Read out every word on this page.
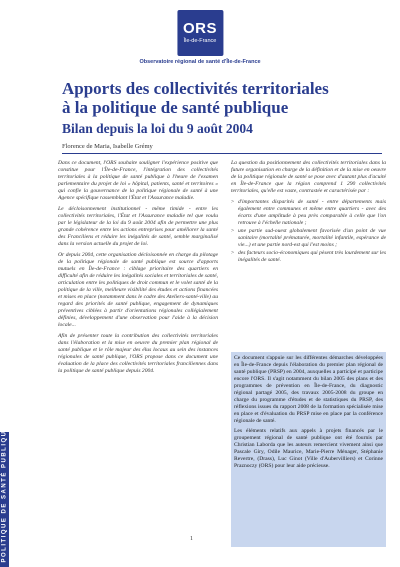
ORS
Île-de-France
Observatoire régional de santé d'Île-de-France
Apports des collectivités territoriales
à la politique de santé publique
Bilan depuis la loi du 9 août 2004
Florence de Maria, Isabelle Grémy

Dans ce document, l'ORS souhaite souligner l'expérience positive que constitue pour l'Île-de-France, l'intégration des collectivités territoriales à la politique de santé publique à l'heure de l'examen parlementaire du projet de loi « hôpital, patients, santé et territoires » qui confie la gouvernance de la politique régionale de santé à une Agence spécifique rassemblant l'État et l'Assurance maladie.

Le décloisonnement institutionnel - même timide - entre les collectivités territoriales, l'État et l'Assurance maladie tel que voulu par le législateur de la loi du 9 août 2004 afin de permettre une plus grande cohérence entre les actions entreprises pour améliorer la santé des Franciliens et réduire les inégalités de santé, semble marginalisé dans la version actuelle du projet de loi.

Or depuis 2004, cette organisation décloisonnée en charge du pilotage de la politique régionale de santé publique est source d'apports mutuels en Île-de-France : ciblage prioritaire des quartiers en difficulté afin de réduire les inégalités sociales et territoriales de santé, articulation entre les politiques de droit commun et le volet santé de la politique de la ville, meilleure visibilité des études et actions financées et mises en place (notamment dans le cadre des Ateliers-santé-ville) au regard des priorités de santé publique, engagement de dynamiques préventives ciblées à partir d'orientations régionales collégialement définies, développement d'une observation pour l'aide à la décision locale...

Afin de présenter toute la contribution des collectivités territoriales dans l'élaboration et la mise en oeuvre du premier plan régional de santé publique et le rôle majeur des élus locaux au sein des instances régionales de santé publique, l'ORS propose dans ce document une évaluation de la place des collectivités territoriales franciliennes dans la politique de santé publique depuis 2004.

La question du positionnement des collectivités territoriales dans la future organisation en charge de la définition et de la mise en oeuvre de la politique régionale de santé se pose avec d'autant plus d'acuité en Île-de-France que la région comprend 1 290 collectivités territoriales, qu'elle est vaste, contrastée et caractérisée par :

> d'importantes disparités de santé - entre départements mais également entre communes et même entre quartiers - avec des écarts d'une amplitude à peu près comparable à celle que l'on retrouve à l'échelle nationale ;
> une partie sud-ouest globalement favorisée d'un point de vue sanitaire (mortalité prématurée, mortalité infantile, espérance de vie...) et une partie nord-est qui l'est moins ;
> des facteurs socio-économiques qui pèsent très lourdement sur les inégalités de santé.

Ce document s'appuie sur les différentes démarches développées en Île-de-France depuis l'élaboration du premier plan régional de santé publique (PRSP) en 2004, auxquelles a participé et participe encore l'ORS. Il s'agit notamment du bilan 2005 des plans et des programmes de prévention en Île-de-France, du diagnostic régional partagé 2005, des travaux 2005-2008 du groupe en charge du programme d'études et de statistiques du PRSP, des réflexions issues du rapport 2008 de la formation spécialisée mise en place et d'évaluation du PRSP mise en place par la conférence régionale de santé.

Les éléments relatifs aux appels à projets financés par le groupement régional de santé publique ont été fournis par Christian Laborda que les auteurs remercient vivement ainsi que Pascale Giry, Odile Maurice, Marie-Pierre Ménager, Stéphanie Revertre, (Drass), Luc Ginot (Ville d'Aubervilliers) et Corinne Praznoczy (ORS) pour leur aide précieuse.

POLITIQUE DE SANTÉ PUBLIQUE	1
